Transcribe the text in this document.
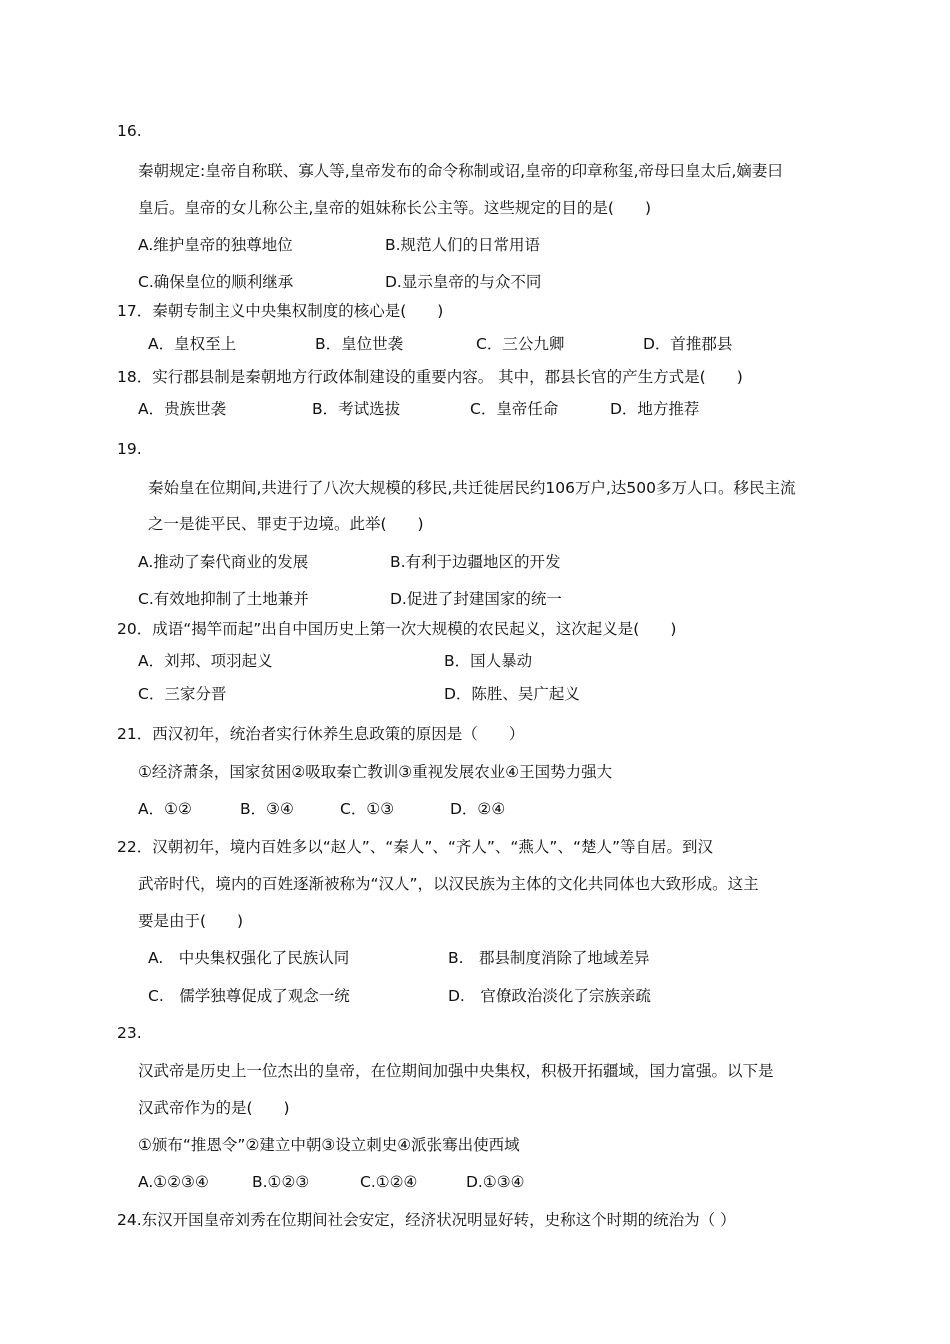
16.
秦朝规定:皇帝自称联、寡人等,皇帝发布的命令称制或诏,皇帝的印章称玺,帝母曰皇太后,嫡妻曰
皇后。皇帝的女儿称公主,皇帝的姐妹称长公主等。这些规定的目的是(　　)
A.维护皇帝的独尊地位	B.规范人们的日常用语
C.确保皇位的顺利继承	D.显示皇帝的与众不同
17．秦朝专制主义中央集权制度的核心是(　　)
A．皇权至上	B．皇位世袭	C．三公九卿	D．首推郡县
18．实行郡县制是秦朝地方行政体制建设的重要内容。 其中，郡县长官的产生方式是(　　)
A．贵族世袭	B．考试选拔	C．皇帝任命	D．地方推荐
19.
秦始皇在位期间,共进行了八次大规模的移民,共迁徙居民约106万户,达500多万人口。移民主流
之一是徙平民、罪吏于边境。此举(　　)
A.推动了秦代商业的发展	B.有利于边疆地区的开发
C.有效地抑制了土地兼并	D.促进了封建国家的统一
20．成语“揭竿而起”出自中国历史上第一次大规模的农民起义，这次起义是(　　)
A．刘邦、项羽起义	B．国人暴动
C．三家分晋	D．陈胜、吴广起义
21．西汉初年，统治者实行休养生息政策的原因是（　　）
①经济萧条，国家贫困②吸取秦亡教训③重视发展农业④王国势力强大
A．①②	B．③④	C．①③	D．②④
22．汉朝初年，境内百姓多以“赵人”、“秦人”、“齐人”、“燕人”、“楚人”等自居。到汉
武帝时代，境内的百姓逐渐被称为“汉人”，以汉民族为主体的文化共同体也大致形成。这主
要是由于(　　)
A.　中央集权强化了民族认同	B.　郡县制度消除了地域差异
C.　儒学独尊促成了观念一统	D.　官僚政治淡化了宗族亲疏
23.
汉武帝是历史上一位杰出的皇帝，在位期间加强中央集权，积极开拓疆域，国力富强。以下是
汉武帝作为的是(　　)
①颁布“推恩令”②建立中朝③设立刺史④派张骞出使西域
A.①②③④	B.①②③	C.①②④	D.①③④
24.东汉开国皇帝刘秀在位期间社会安定，经济状况明显好转，史称这个时期的统治为（ ）
